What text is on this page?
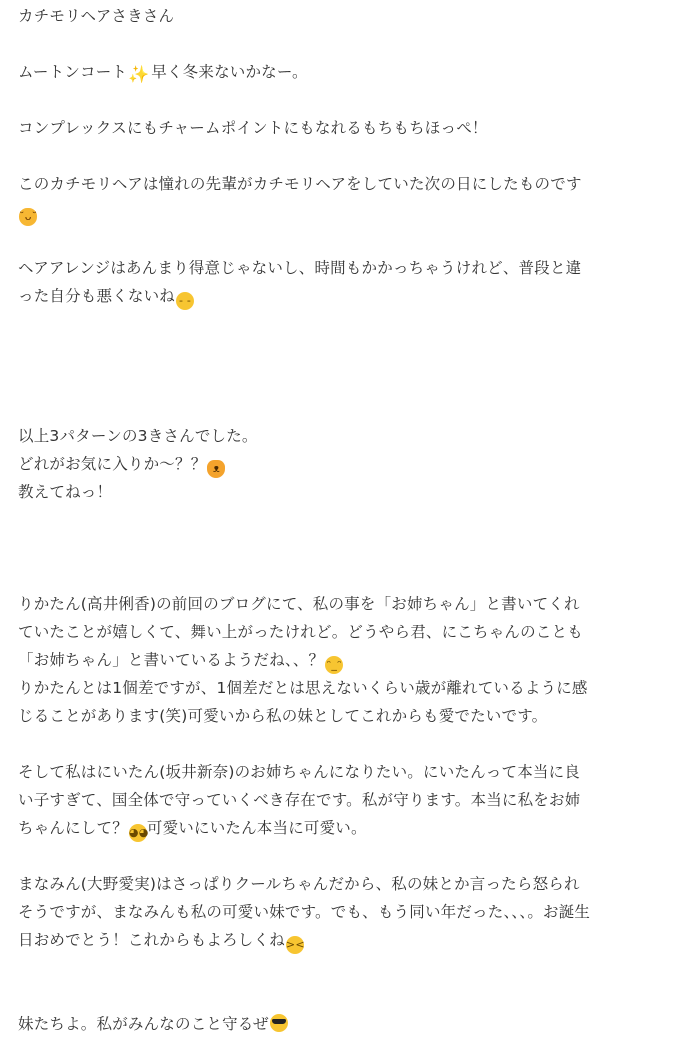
カチモリヘアさきさん
ムートンコート✨ 早く冬来ないかなー。
コンプレックスにもチャームポイントにもなれるもちもちほっぺ！
このカチモリヘアは憧れの先輩がカチモリヘアをしていた次の日にしたものです
˘ᴗ˘
ヘアアレンジはあんまり得意じゃないし、時間もかかっちゃうけれど、普段と違
った自分も悪くないね - -
以上3パターンの3きさんでした。
どれがお気に入りか〜？？ ᴥ
教えてねっ！
りかたん(高井俐香)の前回のブログにて、私の事を「お姉ちゃん」と書いてくれ
ていたことが嬉しくて、舞い上がったけれど。どうやら君、にこちゃんのことも
「お姉ちゃん」と書いているようだね、、？ ᵔ_ᵔ
りかたんとは1個差ですが、1個差だとは思えないくらい歳が離れているように感
じることがあります(笑)可愛いから私の妹としてこれからも愛でたいです。
そして私はにいたん(坂井新奈)のお姉ちゃんになりたい。にいたんって本当に良
い子すぎて、国全体で守っていくべき存在です。私が守ります。本当に私をお姉
ちゃんにして？◕◕可愛いにいたん本当に可愛い。
まなみん(大野愛実)はさっぱりクールちゃんだから、私の妹とか言ったら怒られ
そうですが、まなみんも私の可愛い妹です。でも、もう同い年だった、、、。お誕生
日おめでとう！これからもよろしくね><
妹たちよ。私がみんなのこと守るぜ
